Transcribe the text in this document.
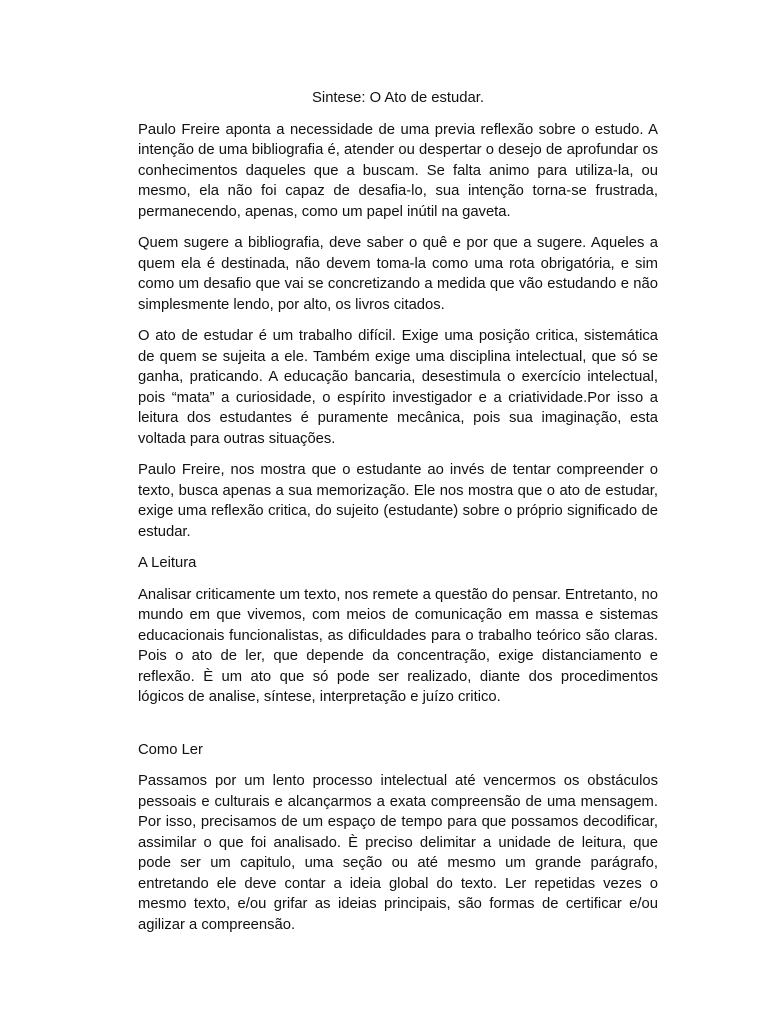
Sintese: O Ato de estudar.

Paulo Freire aponta a necessidade de uma previa reflexão sobre o estudo. A intenção de uma bibliografia é, atender ou despertar o desejo de aprofundar os conhecimentos daqueles que a buscam. Se falta animo para utiliza-la, ou mesmo, ela não foi capaz de desafia-lo, sua intenção torna-se frustrada, permanecendo, apenas, como um papel inútil na gaveta.

Quem sugere a bibliografia, deve saber o quê e por que a sugere. Aqueles a quem ela é destinada, não devem toma-la como uma rota obrigatória, e sim como um desafio que vai se concretizando a medida que vão estudando e não simplesmente lendo, por alto, os livros citados.

O ato de estudar é um trabalho difícil. Exige uma posição critica, sistemática de quem se sujeita a ele. Também exige uma disciplina intelectual, que só se ganha, praticando. A educação bancaria, desestimula o exercício intelectual, pois “mata” a curiosidade, o espírito investigador e a criatividade.Por isso a leitura dos estudantes é puramente mecânica, pois sua imaginação, esta voltada para outras situações.

Paulo Freire, nos mostra que o estudante ao invés de tentar compreender o texto, busca apenas a sua memorização. Ele nos mostra que o ato de estudar, exige uma reflexão critica, do sujeito (estudante) sobre o próprio significado de estudar.

A Leitura

Analisar criticamente um texto, nos remete a questão do pensar. Entretanto, no mundo em que vivemos, com meios de comunicação em massa e sistemas educacionais funcionalistas, as dificuldades para o trabalho teórico são claras. Pois o ato de ler, que depende da concentração, exige distanciamento e reflexão. È um ato que só pode ser realizado, diante dos procedimentos lógicos de analise, síntese, interpretação e juízo critico.

Como Ler

Passamos por um lento processo intelectual até vencermos os obstáculos pessoais e culturais e alcançarmos a exata compreensão de uma mensagem. Por isso, precisamos de um espaço de tempo para que possamos decodificar, assimilar o que foi analisado. È preciso delimitar a unidade de leitura, que pode ser um capitulo, uma seção ou até mesmo um grande parágrafo, entretando ele deve contar a ideia global do texto. Ler repetidas vezes o mesmo texto, e/ou grifar as ideias principais, são formas de certificar e/ou agilizar a compreensão.
